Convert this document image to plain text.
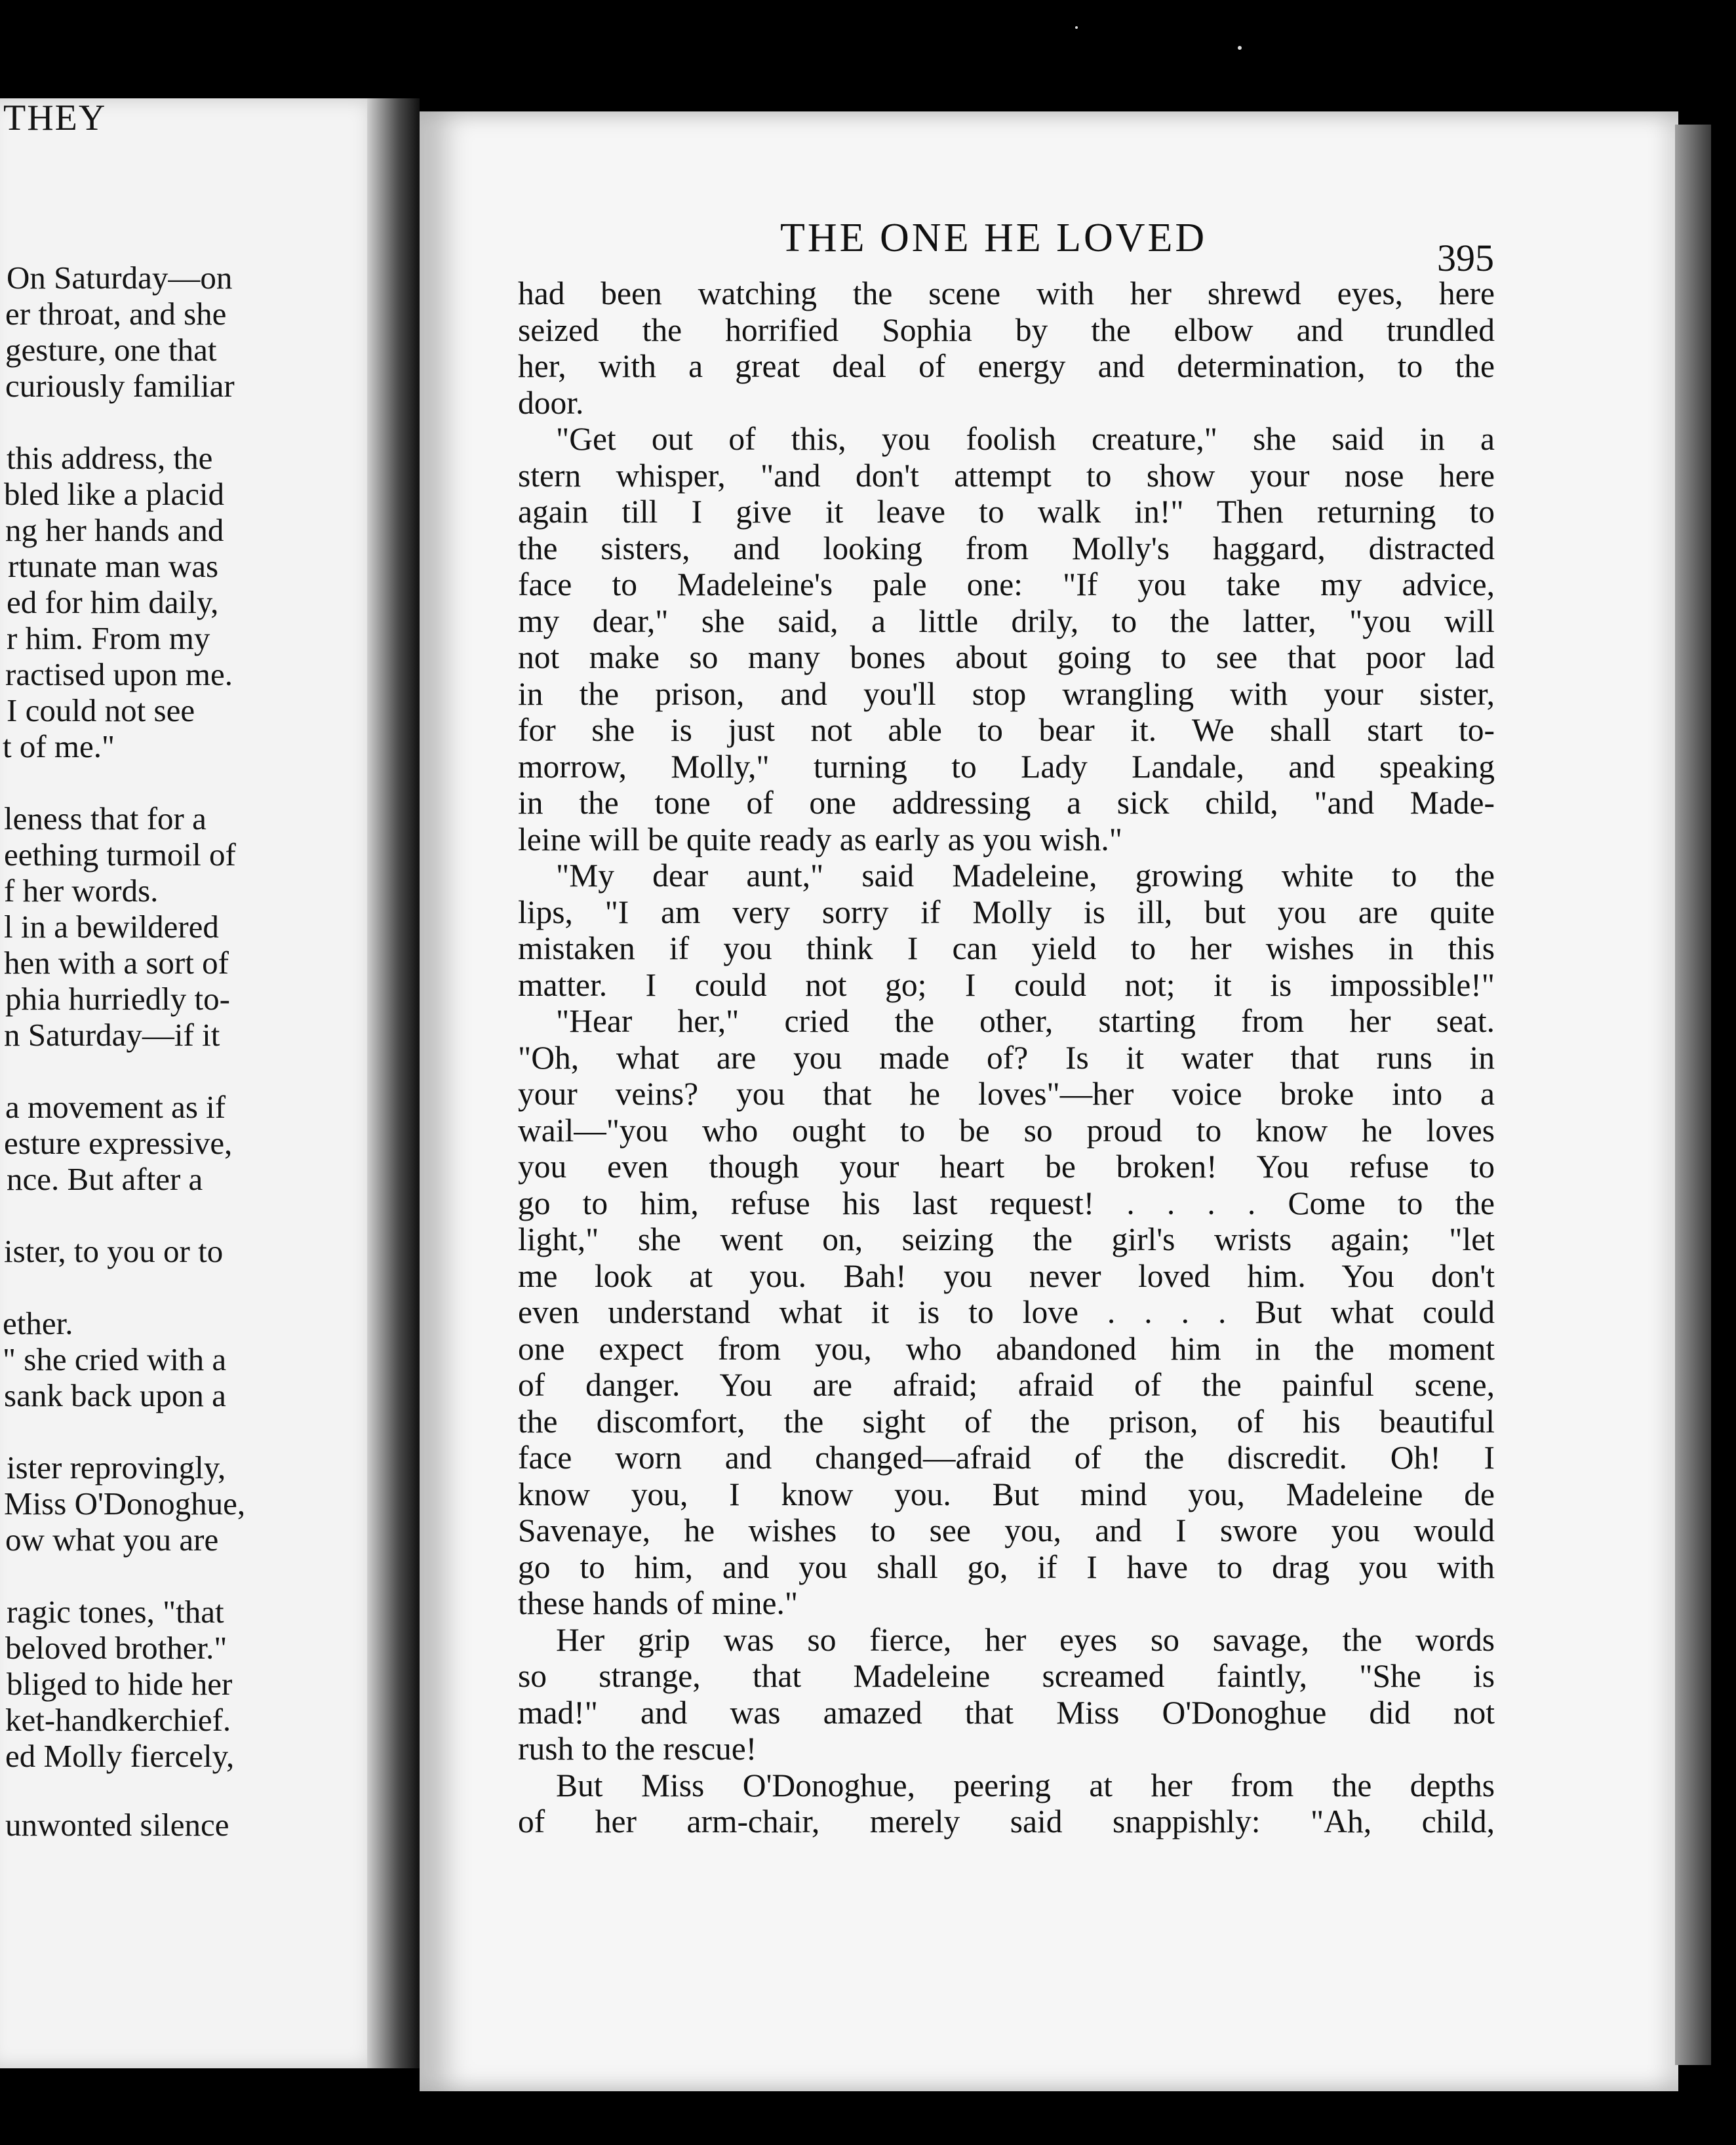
THEY
On Saturday—on
er throat, and she
gesture, one that
curiously familiar
this address, the
bled like a placid
ng her hands and
rtunate man was
ed for him daily,
r him. From my
ractised upon me.
I could not see
t of me."
leness that for a
eething turmoil of
f her words.
l in a bewildered
hen with a sort of
phia hurriedly to-
n Saturday—if it
a movement as if
esture expressive,
nce. But after a
ister, to you or to
ether.
" she cried with a
sank back upon a
ister reprovingly,
Miss O'Donoghue,
ow what you are
ragic tones, "that
beloved brother."
bliged to hide her
ket-handkerchief.
ed Molly fiercely,
unwonted silence
THE ONE HE LOVED	395
had been watching the scene with her shrewd eyes, here
seized the horrified Sophia by the elbow and trundled
her, with a great deal of energy and determination, to the
door.
"Get out of this, you foolish creature," she said in a
stern whisper, "and don't attempt to show your nose here
again till I give it leave to walk in!" Then returning to
the sisters, and looking from Molly's haggard, distracted
face to Madeleine's pale one: "If you take my advice,
my dear," she said, a little drily, to the latter, "you will
not make so many bones about going to see that poor lad
in the prison, and you'll stop wrangling with your sister,
for she is just not able to bear it. We shall start to-
morrow, Molly," turning to Lady Landale, and speaking
in the tone of one addressing a sick child, "and Made-
leine will be quite ready as early as you wish."
"My dear aunt," said Madeleine, growing white to the
lips, "I am very sorry if Molly is ill, but you are quite
mistaken if you think I can yield to her wishes in this
matter. I could not go; I could not; it is impossible!"
"Hear her," cried the other, starting from her seat.
"Oh, what are you made of? Is it water that runs in
your veins? you that he loves"—her voice broke into a
wail—"you who ought to be so proud to know he loves
you even though your heart be broken! You refuse to
go to him, refuse his last request! . . . . Come to the
light," she went on, seizing the girl's wrists again; "let
me look at you. Bah! you never loved him. You don't
even understand what it is to love . . . . But what could
one expect from you, who abandoned him in the moment
of danger. You are afraid; afraid of the painful scene,
the discomfort, the sight of the prison, of his beautiful
face worn and changed—afraid of the discredit. Oh! I
know you, I know you. But mind you, Madeleine de
Savenaye, he wishes to see you, and I swore you would
go to him, and you shall go, if I have to drag you with
these hands of mine."
Her grip was so fierce, her eyes so savage, the words
so strange, that Madeleine screamed faintly, "She is
mad!" and was amazed that Miss O'Donoghue did not
rush to the rescue!
But Miss O'Donoghue, peering at her from the depths
of her arm-chair, merely said snappishly: "Ah, child,
